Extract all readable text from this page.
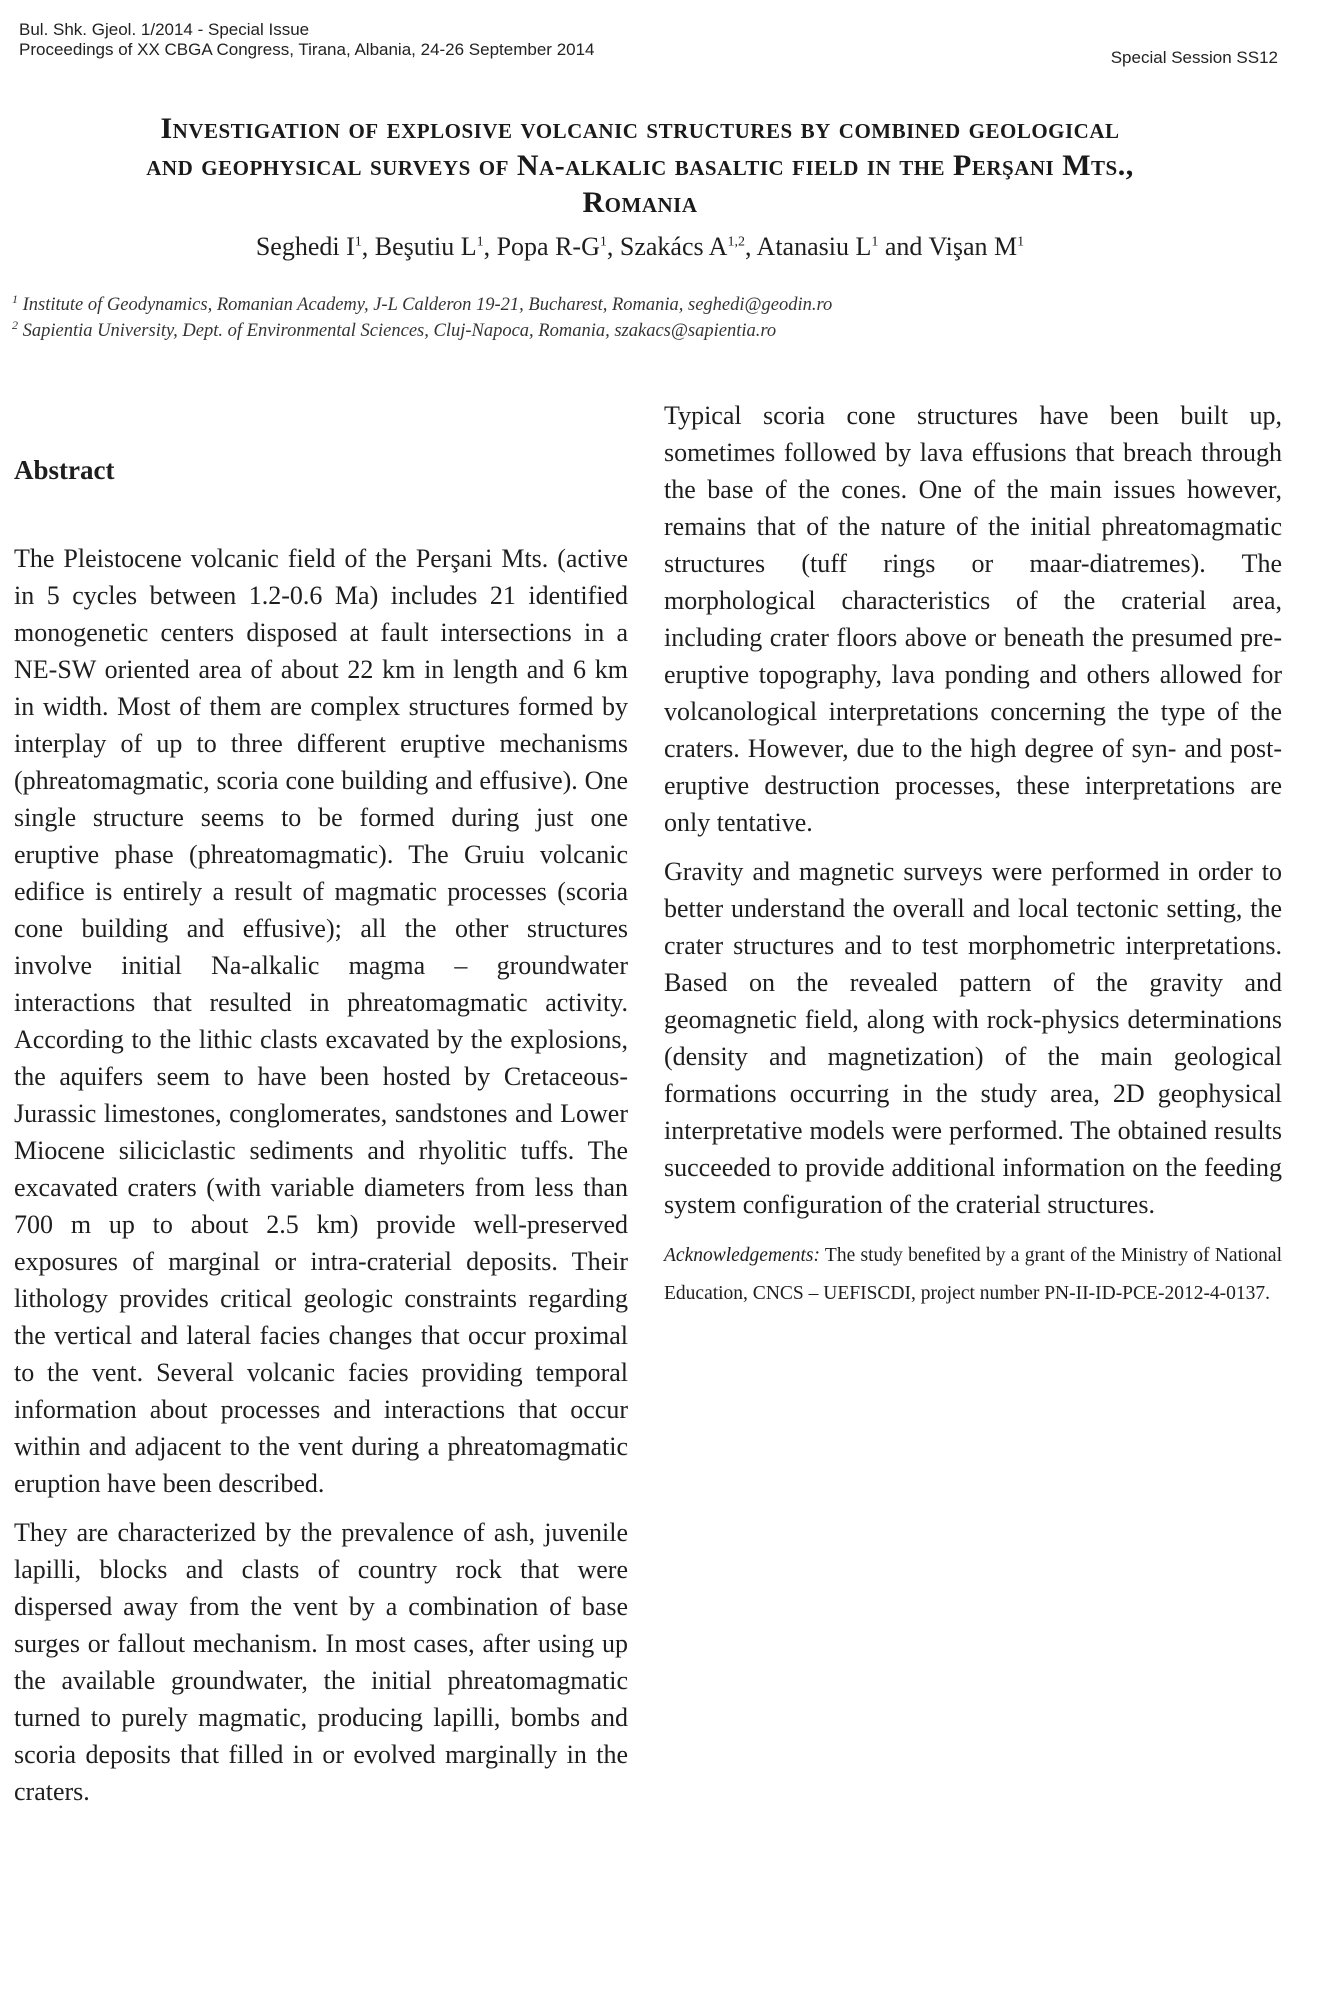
Bul. Shk. Gjeol. 1/2014 - Special Issue
Proceedings of XX CBGA Congress, Tirana, Albania, 24-26 September 2014	Special Session SS12
Investigation of explosive volcanic structures by combined geological
and geophysical surveys of Na-alkalic basaltic field in the Perşani Mts.,
Romania
Seghedi $I^1$, Beşutiu $L^1$, Popa $R-G^1$, Szakács A$^{1,2}$, Atanasiu $L^1$ and Vişan $M^1$
$^1$ Institute of Geodynamics, Romanian Academy, J-L Calderon 19-21, Bucharest, Romania, seghedi@geodin.ro
$^2$ Sapientia University, Dept. of Environmental Sciences, Cluj-Napoca, Romania, szakacs@sapientia.ro
Abstract

The Pleistocene volcanic field of the Perşani Mts. (active in 5 cycles between 1.2-0.6 Ma) includes 21 identified monogenetic centers disposed at fault intersections in a NE-SW oriented area of about 22 km in length and 6 km in width. Most of them are complex structures formed by interplay of up to three different eruptive mechanisms (phreatomagmatic, scoria cone building and effusive). One single structure seems to be formed during just one eruptive phase (phreatomagmatic). The Gruiu volcanic edifice is entirely a result of magmatic processes (scoria cone building and effusive); all the other structures involve initial Na-alkalic magma – groundwater interactions that resulted in phreatomagmatic activity. According to the lithic clasts excavated by the explosions, the aquifers seem to have been hosted by Cretaceous-Jurassic limestones, conglomerates, sandstones and Lower Miocene siliciclastic sediments and rhyolitic tuffs. The excavated craters (with variable diameters from less than 700 m up to about 2.5 km) provide well-preserved exposures of marginal or intra-craterial deposits. Their lithology provides critical geologic constraints regarding the vertical and lateral facies changes that occur proximal to the vent. Several volcanic facies providing temporal information about processes and interactions that occur within and adjacent to the vent during a phreatomagmatic eruption have been described.

They are characterized by the prevalence of ash, juvenile lapilli, blocks and clasts of country rock that were dispersed away from the vent by a combination of base surges or fallout mechanism. In most cases, after using up the available groundwater, the initial phreatomagmatic turned to purely magmatic, producing lapilli, bombs and scoria deposits that filled in or evolved marginally in the craters.

Typical scoria cone structures have been built up, sometimes followed by lava effusions that breach through the base of the cones. One of the main issues however, remains that of the nature of the initial phreatomagmatic structures (tuff rings or maar-diatremes). The morphological characteristics of the craterial area, including crater floors above or beneath the presumed pre-eruptive topography, lava ponding and others allowed for volcanological interpretations concerning the type of the craters. However, due to the high degree of syn- and post-eruptive destruction processes, these interpretations are only tentative.

Gravity and magnetic surveys were performed in order to better understand the overall and local tectonic setting, the crater structures and to test morphometric interpretations. Based on the revealed pattern of the gravity and geomagnetic field, along with rock-physics determinations (density and magnetization) of the main geological formations occurring in the study area, 2D geophysical interpretative models were performed. The obtained results succeeded to provide additional information on the feeding system configuration of the craterial structures.

Acknowledgements: The study benefited by a grant of the Ministry of National Education, CNCS – UEFISCDI, project number PN-II-ID-PCE-2012-4-0137.
